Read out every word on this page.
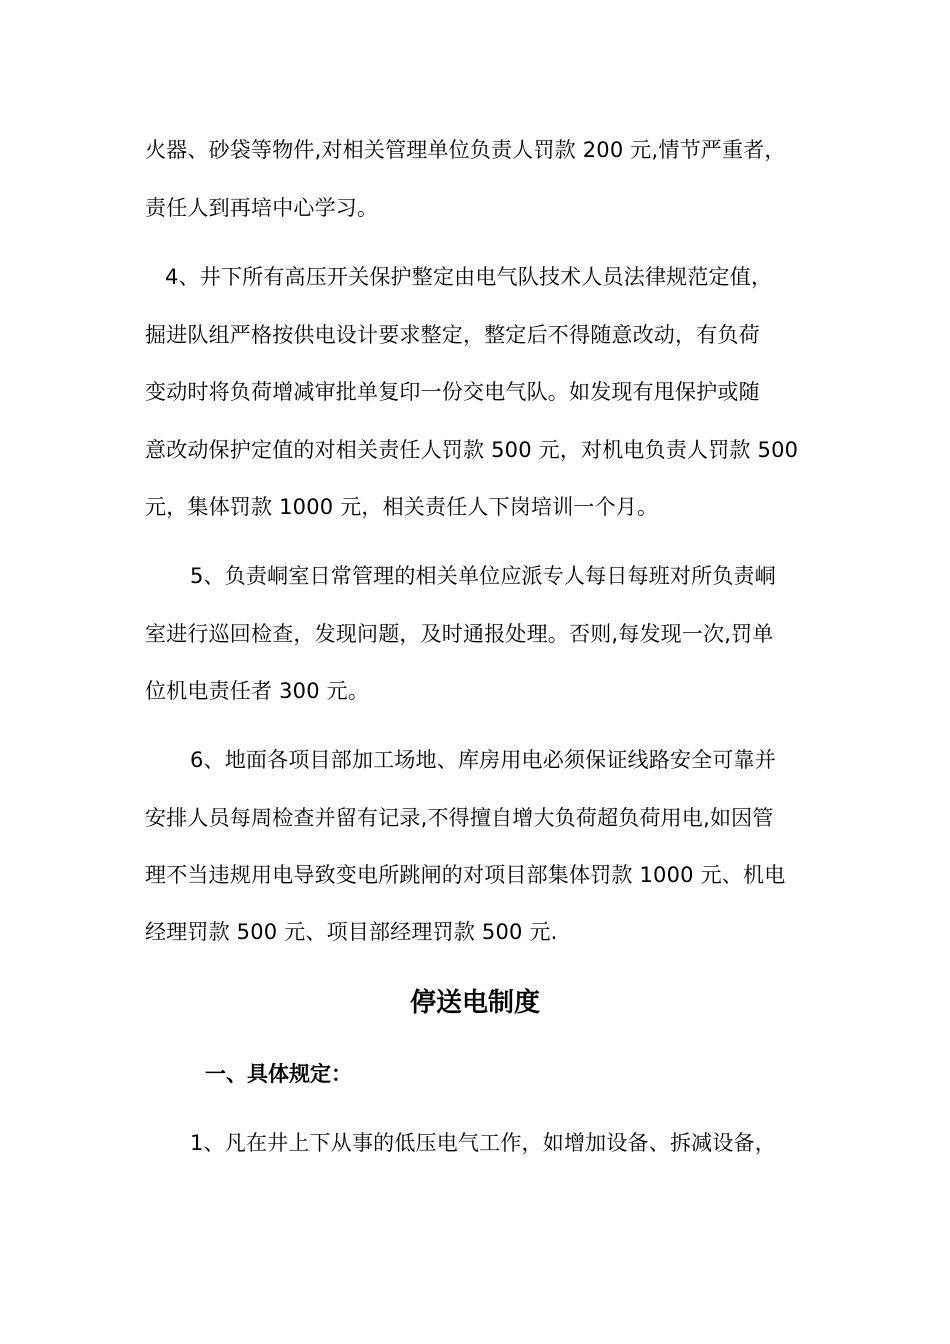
火器、砂袋等物件,对相关管理单位负责人罚款 200 元,情节严重者，
责任人到再培中心学习。
4、井下所有高压开关保护整定由电气队技术人员法律规范定值，
掘进队组严格按供电设计要求整定，整定后不得随意改动，有负荷
变动时将负荷增减审批单复印一份交电气队。如发现有甩保护或随
意改动保护定值的对相关责任人罚款 500 元，对机电负责人罚款 500
元，集体罚款 1000 元，相关责任人下岗培训一个月。
5、负责峒室日常管理的相关单位应派专人每日每班对所负责峒
室进行巡回检查，发现问题，及时通报处理。否则,每发现一次,罚单
位机电责任者 300 元。
6、地面各项目部加工场地、库房用电必须保证线路安全可靠并
安排人员每周检查并留有记录,不得擅自增大负荷超负荷用电,如因管
理不当违规用电导致变电所跳闸的对项目部集体罚款 1000 元、机电
经理罚款 500 元、项目部经理罚款 500 元.
停送电制度
一、具体规定：
1、凡在井上下从事的低压电气工作，如增加设备、拆减设备，
